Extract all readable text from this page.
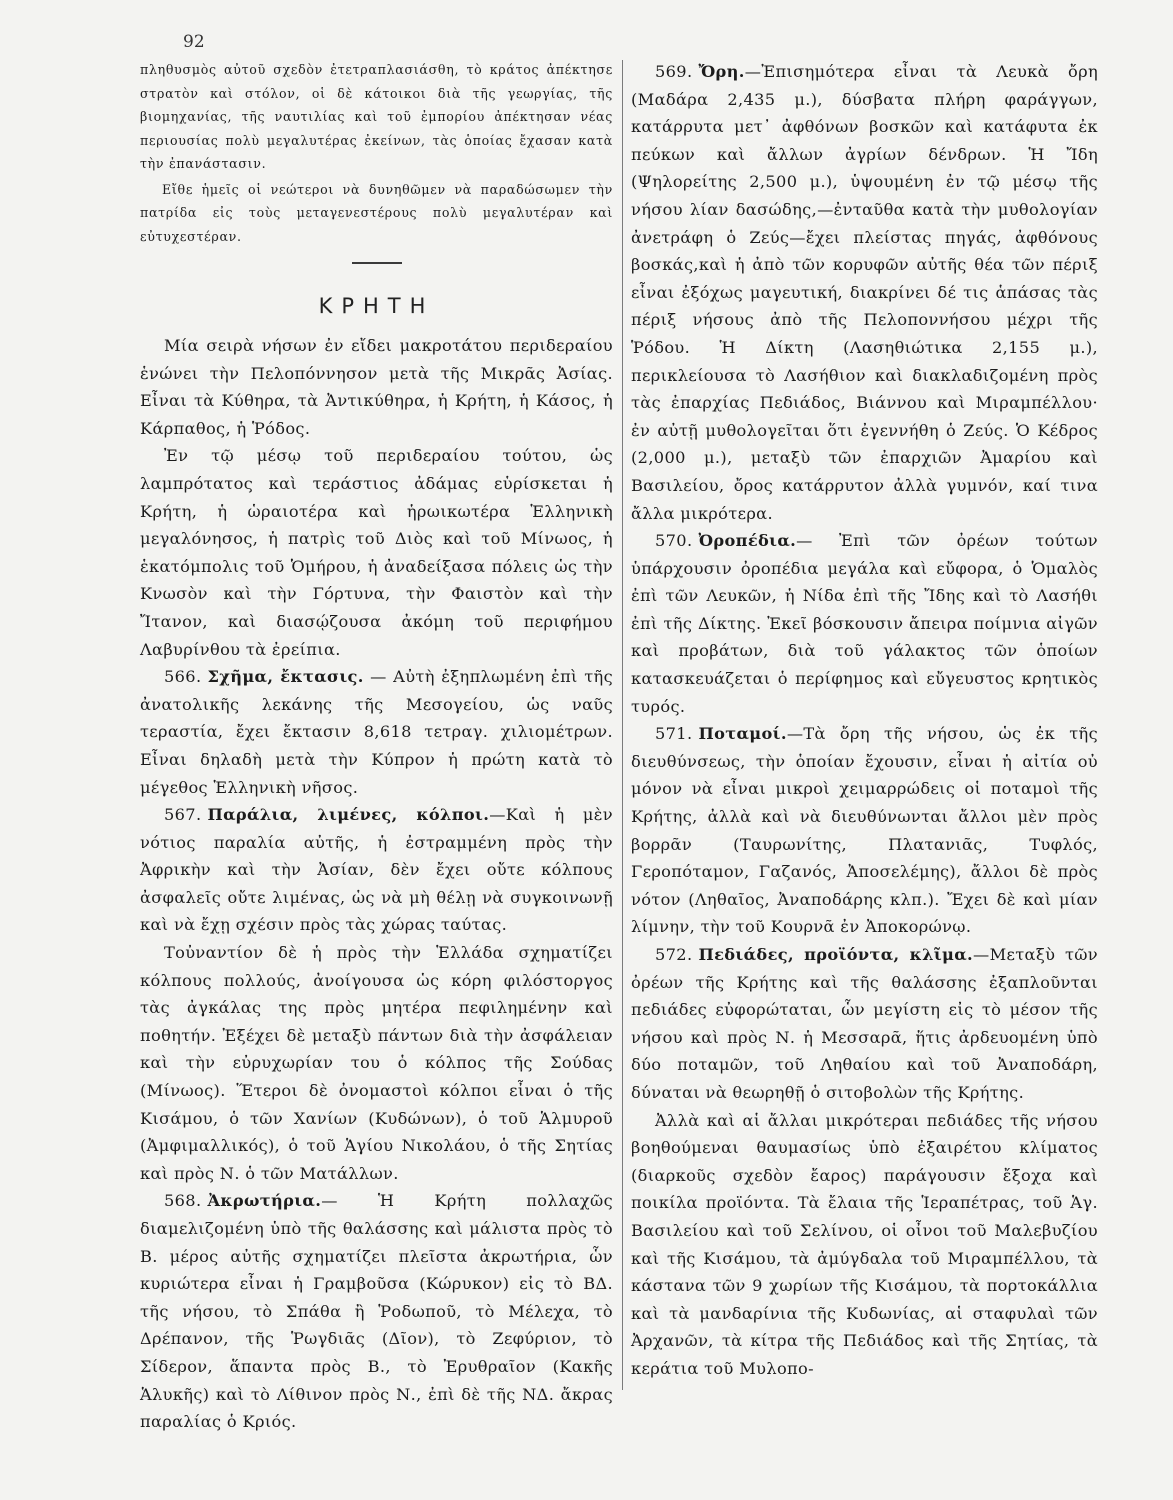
92

πληθυσμὸς αὐτοῦ σχεδὸν ἐτετραπλασιάσθη, τὸ κράτος ἀπέκτησε στρατὸν καὶ στόλον, οἱ δὲ κάτοικοι διὰ τῆς γεωργίας, τῆς βιομηχανίας, τῆς ναυτιλίας καὶ τοῦ ἐμπορίου ἀπέκτησαν νέας περιουσίας πολὺ μεγαλυτέρας ἐκείνων, τὰς ὁποίας ἔχασαν κατὰ τὴν ἐπανάστασιν.

Εἴθε ἡμεῖς οἱ νεώτεροι νὰ δυνηθῶμεν νὰ παραδώσωμεν τὴν πατρίδα εἰς τοὺς μεταγενεστέρους πολὺ μεγαλυτέραν καὶ εὐτυχεστέραν.

ΚΡΗΤΗ

Μία σειρὰ νήσων ἐν εἴδει μακροτάτου περιδεραίου ἑνώνει τὴν Πελοπόννησον μετὰ τῆς Μικρᾶς Ἀσίας. Εἶναι τὰ Κύθηρα, τὰ Ἀντικύθηρα, ἡ Κρήτη, ἡ Κάσος, ἡ Κάρπαθος, ἡ Ῥόδος.

Ἐν τῷ μέσῳ τοῦ περιδεραίου τούτου, ὡς λαμπρότατος καὶ τεράστιος ἀδάμας εὑρίσκεται ἡ Κρήτη, ἡ ὡραιοτέρα καὶ ἡρωικωτέρα Ἑλληνικὴ μεγαλόνησος, ἡ πατρὶς τοῦ Διὸς καὶ τοῦ Μίνωος, ἡ ἑκατόμπολις τοῦ Ὁμήρου, ἡ ἀναδείξασα πόλεις ὡς τὴν Κνωσὸν καὶ τὴν Γόρτυνα, τὴν Φαιστὸν καὶ τὴν Ἴτανον, καὶ διασῴζουσα ἀκόμη τοῦ περιφήμου Λαβυρίνθου τὰ ἐρείπια.

566. Σχῆμα, ἔκτασις. — Αὐτὴ ἐξηπλωμένη ἐπὶ τῆς ἀνατολικῆς λεκάνης τῆς Μεσογείου, ὡς ναῦς τεραστία, ἔχει ἔκτασιν 8,618 τετραγ. χιλιομέτρων. Εἶναι δηλαδὴ μετὰ τὴν Κύπρον ἡ πρώτη κατὰ τὸ μέγεθος Ἑλληνικὴ νῆσος.

567. Παράλια, λιμένες, κόλποι.—Καὶ ἡ μὲν νότιος παραλία αὐτῆς, ἡ ἐστραμμένη πρὸς τὴν Ἀφρικὴν καὶ τὴν Ἀσίαν, δὲν ἔχει οὔτε κόλπους ἀσφαλεῖς οὔτε λιμένας, ὡς νὰ μὴ θέλῃ νὰ συγκοινωνῇ καὶ νὰ ἔχῃ σχέσιν πρὸς τὰς χώρας ταύτας.

Τοὐναντίον δὲ ἡ πρὸς τὴν Ἑλλάδα σχηματίζει κόλπους πολλούς, ἀνοίγουσα ὡς κόρη φιλόστοργος τὰς ἀγκάλας της πρὸς μητέρα πεφιλημένην καὶ ποθητήν. Ἐξέχει δὲ μεταξὺ πάντων διὰ τὴν ἀσφάλειαν καὶ τὴν εὐρυχωρίαν του ὁ κόλπος τῆς Σούδας (Μίνωος). Ἕτεροι δὲ ὀνομαστοὶ κόλποι εἶναι ὁ τῆς Κισάμου, ὁ τῶν Χανίων (Κυδώνων), ὁ τοῦ Ἁλμυροῦ (Ἀμφιμαλλικός), ὁ τοῦ Ἁγίου Νικολάου, ὁ τῆς Σητίας καὶ πρὸς Ν. ὁ τῶν Ματάλλων.

568. Ἀκρωτήρια.— Ἡ Κρήτη πολλαχῶς διαμελιζομένη ὑπὸ τῆς θαλάσσης καὶ μάλιστα πρὸς τὸ Β. μέρος αὐτῆς σχηματίζει πλεῖστα ἀκρωτήρια, ὧν κυριώτερα εἶναι ἡ Γραμβοῦσα (Κώρυκον) εἰς τὸ ΒΔ. τῆς νήσου, τὸ Σπάθα ἢ Ῥοδωποῦ, τὸ Μέλεχα, τὸ Δρέπανον, τῆς Ῥωγδιᾶς (Δῖον), τὸ Ζεφύριον, τὸ Σίδερον, ἅπαντα πρὸς Β., τὸ Ἐρυθραῖον (Κακῆς Ἁλυκῆς) καὶ τὸ Λίθινον πρὸς Ν., ἐπὶ δὲ τῆς ΝΔ. ἄκρας παραλίας ὁ Κριός.

569. Ὄρη.—Ἐπισημότερα εἶναι τὰ Λευκὰ ὄρη (Μαδάρα 2,435 μ.), δύσβατα πλήρη φαράγγων, κατάρρυτα μετ᾽ ἀφθόνων βοσκῶν καὶ κατάφυτα ἐκ πεύκων καὶ ἄλλων ἀγρίων δένδρων. Ἡ Ἴδη (Ψηλορείτης 2,500 μ.), ὑψουμένη ἐν τῷ μέσῳ τῆς νήσου λίαν δασώδης,—ἐνταῦθα κατὰ τὴν μυθολογίαν ἀνετράφη ὁ Ζεύς—ἔχει πλείστας πηγάς, ἀφθόνους βοσκάς,καὶ ἡ ἀπὸ τῶν κορυφῶν αὐτῆς θέα τῶν πέριξ εἶναι ἐξόχως μαγευτική, διακρίνει δέ τις ἁπάσας τὰς πέριξ νήσους ἀπὸ τῆς Πελοποννήσου μέχρι τῆς Ῥόδου. Ἡ Δίκτη (Λασηθιώτικα 2,155 μ.), περικλείουσα τὸ Λασήθιον καὶ διακλαδιζομένη πρὸς τὰς ἐπαρχίας Πεδιάδος, Βιάννου καὶ Μιραμπέλλου· ἐν αὐτῇ μυθολογεῖται ὅτι ἐγεννήθη ὁ Ζεύς. Ὁ Κέδρος (2,000 μ.), μεταξὺ τῶν ἐπαρχιῶν Ἀμαρίου καὶ Βασιλείου, ὄρος κατάρρυτον ἀλλὰ γυμνόν, καί τινα ἄλλα μικρότερα.

570. Ὀροπέδια.— Ἐπὶ τῶν ὀρέων τούτων ὑπάρχουσιν ὀροπέδια μεγάλα καὶ εὔφορα, ὁ Ὁμαλὸς ἐπὶ τῶν Λευκῶν, ἡ Νίδα ἐπὶ τῆς Ἴδης καὶ τὸ Λασήθι ἐπὶ τῆς Δίκτης. Ἐκεῖ βόσκουσιν ἄπειρα ποίμνια αἰγῶν καὶ προβάτων, διὰ τοῦ γάλακτος τῶν ὁποίων κατασκευάζεται ὁ περίφημος καὶ εὔγευστος κρητικὸς τυρός.

571. Ποταμοί.—Τὰ ὄρη τῆς νήσου, ὡς ἐκ τῆς διευθύνσεως, τὴν ὁποίαν ἔχουσιν, εἶναι ἡ αἰτία οὐ μόνον νὰ εἶναι μικροὶ χειμαρρώδεις οἱ ποταμοὶ τῆς Κρήτης, ἀλλὰ καὶ νὰ διευθύνωνται ἄλλοι μὲν πρὸς βορρᾶν (Ταυρωνίτης, Πλατανιᾶς, Τυφλός, Γεροπόταμον, Γαζανός, Ἀποσελέμης), ἄλλοι δὲ πρὸς νότον (Ληθαῖος, Ἀναποδάρης κλπ.). Ἔχει δὲ καὶ μίαν λίμνην, τὴν τοῦ Κουρνᾶ ἐν Ἀποκορώνῳ.

572. Πεδιάδες, προϊόντα, κλῖμα.—Μεταξὺ τῶν ὀρέων τῆς Κρήτης καὶ τῆς θαλάσσης ἐξαπλοῦνται πεδιάδες εὐφορώταται, ὧν μεγίστη εἰς τὸ μέσον τῆς νήσου καὶ πρὸς Ν. ἡ Μεσσαρᾶ, ἥτις ἀρδευομένη ὑπὸ δύο ποταμῶν, τοῦ Ληθαίου καὶ τοῦ Ἀναποδάρη, δύναται νὰ θεωρηθῇ ὁ σιτοβολὼν τῆς Κρήτης.

Ἀλλὰ καὶ αἱ ἄλλαι μικρότεραι πεδιάδες τῆς νήσου βοηθούμεναι θαυμασίως ὑπὸ ἐξαιρέτου κλίματος (διαρκοῦς σχεδὸν ἔαρος) παράγουσιν ἔξοχα καὶ ποικίλα προϊόντα. Τὰ ἔλαια τῆς Ἱεραπέτρας, τοῦ Ἁγ. Βασιλείου καὶ τοῦ Σελίνου, οἱ οἶνοι τοῦ Μαλεβυζίου καὶ τῆς Κισάμου, τὰ ἀμύγδαλα τοῦ Μιραμπέλλου, τὰ κάστανα τῶν 9 χωρίων τῆς Κισάμου, τὰ πορτοκάλλια καὶ τὰ μανδαρίνια τῆς Κυδωνίας, αἱ σταφυλαὶ τῶν Ἀρχανῶν, τὰ κίτρα τῆς Πεδιάδος καὶ τῆς Σητίας, τὰ κεράτια τοῦ Μυλοπο-
